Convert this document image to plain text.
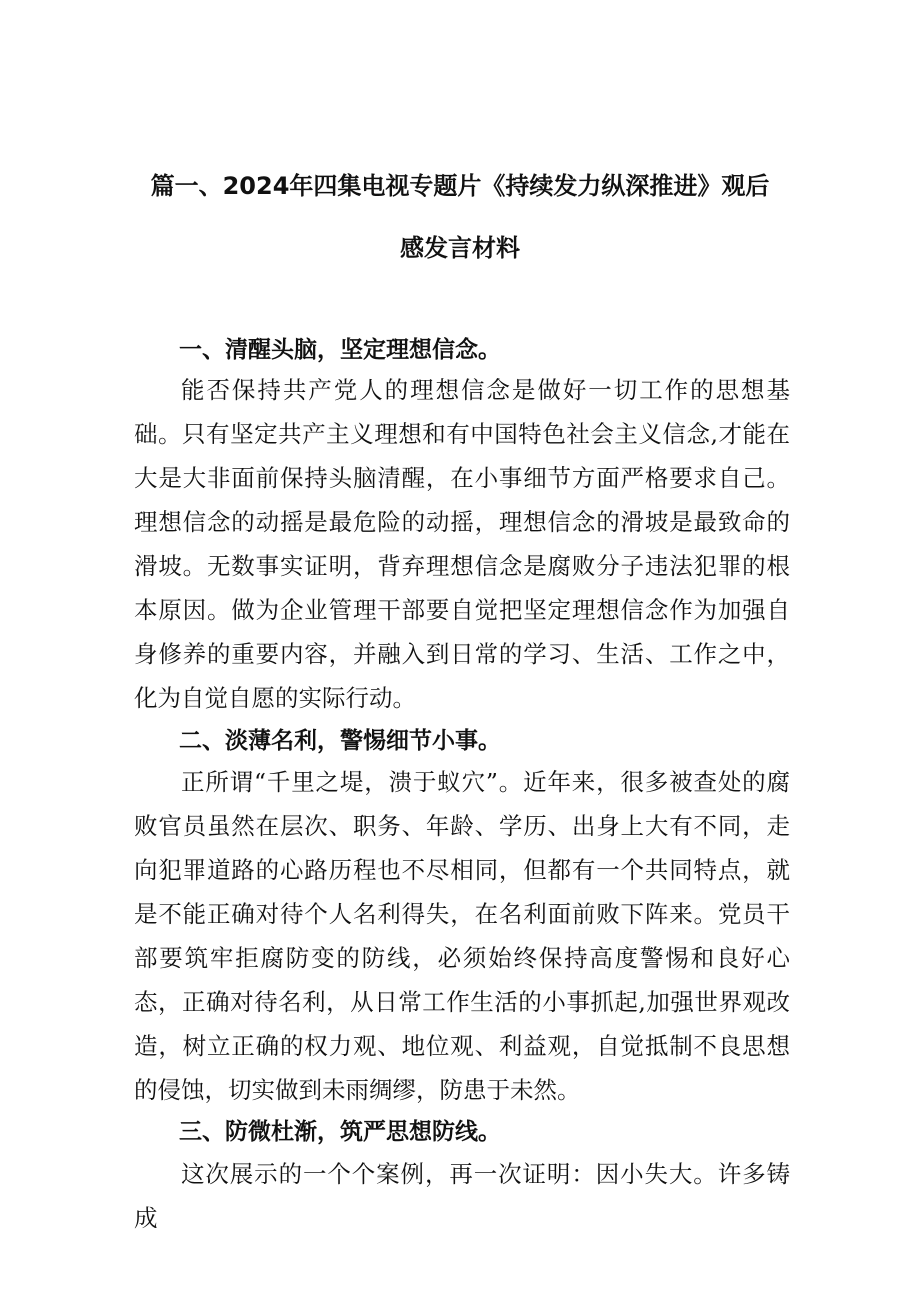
篇一、2024年四集电视专题片《持续发力纵深推进》观后
感发言材料
一、清醒头脑，坚定理想信念。

能否保持共产党人的理想信念是做好一切工作的思想基础。只有坚定共产主义理想和有中国特色社会主义信念,才能在大是大非面前保持头脑清醒，在小事细节方面严格要求自己。理想信念的动摇是最危险的动摇，理想信念的滑坡是最致命的滑坡。无数事实证明，背弃理想信念是腐败分子违法犯罪的根本原因。做为企业管理干部要自觉把坚定理想信念作为加强自身修养的重要内容，并融入到日常的学习、生活、工作之中，化为自觉自愿的实际行动。

二、淡薄名利，警惕细节小事。

正所谓“千里之堤，溃于蚁穴”。近年来，很多被查处的腐败官员虽然在层次、职务、年龄、学历、出身上大有不同，走向犯罪道路的心路历程也不尽相同，但都有一个共同特点，就是不能正确对待个人名利得失，在名利面前败下阵来。党员干部要筑牢拒腐防变的防线，必须始终保持高度警惕和良好心态，正确对待名利，从日常工作生活的小事抓起,加强世界观改造，树立正确的权力观、地位观、利益观，自觉抵制不良思想的侵蚀，切实做到未雨绸缪，防患于未然。

三、防微杜渐，筑严思想防线。

这次展示的一个个案例，再一次证明：因小失大。许多铸成
